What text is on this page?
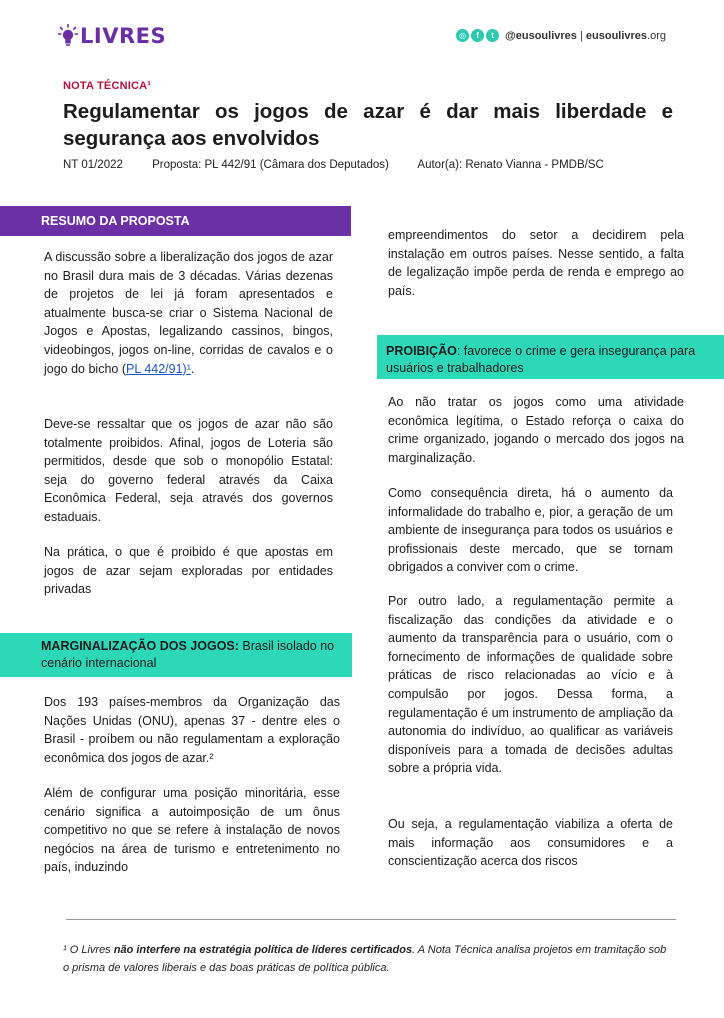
LIVRES	◎	f	t	@eusoulivres | eusoulivres.org
NOTA TÉCNICA¹
Regulamentar os jogos de azar é dar mais liberdade e segurança aos envolvidos
NT 01/2022	Proposta: PL 442/91 (Câmara dos Deputados) Autor(a): Renato Vianna - PMDB/SC
RESUMO DA PROPOSTA

A discussão sobre a liberalização dos jogos de azar no Brasil dura mais de 3 décadas. Várias dezenas de projetos de lei já foram apresentados e atualmente busca-se criar o Sistema Nacional de Jogos e Apostas, legalizando cassinos, bingos, videobingos, jogos on-line, corridas de cavalos e o jogo do bicho (PL 442/91)¹.

Deve-se ressaltar que os jogos de azar não são totalmente proibidos. Afinal, jogos de Loteria são permitidos, desde que sob o monopólio Estatal: seja do governo federal através da Caixa Econômica Federal, seja através dos governos estaduais.

Na prática, o que é proibido é que apostas em jogos de azar sejam exploradas por entidades privadas

MARGINALIZAÇÃO DOS JOGOS: Brasil isolado no cenário internacional

Dos 193 países-membros da Organização das Nações Unidas (ONU), apenas 37 - dentre eles o Brasil - proíbem ou não regulamentam a exploração econômica dos jogos de azar.²

Além de configurar uma posição minoritária, esse cenário significa a autoimposição de um ônus competitivo no que se refere à instalação de novos negócios na área de turismo e entretenimento no país, induzindo

empreendimentos do setor a decidirem pela instalação em outros países. Nesse sentido, a falta de legalização impõe perda de renda e emprego ao país.

PROIBIÇÃO: favorece o crime e gera insegurança para usuários e trabalhadores

Ao não tratar os jogos como uma atividade econômica legítima, o Estado reforça o caixa do crime organizado, jogando o mercado dos jogos na marginalização.

Como consequência direta, há o aumento da informalidade do trabalho e, pior, a geração de um ambiente de insegurança para todos os usuários e profissionais deste mercado, que se tornam obrigados a conviver com o crime.

Por outro lado, a regulamentação permite a fiscalização das condições da atividade e o aumento da transparência para o usuário, com o fornecimento de informações de qualidade sobre práticas de risco relacionadas ao vício e à compulsão por jogos. Dessa forma, a regulamentação é um instrumento de ampliação da autonomia do indivíduo, ao qualificar as variáveis disponíveis para a tomada de decisões adultas sobre a própria vida.

Ou seja, a regulamentação viabiliza a oferta de mais informação aos consumidores e a conscientização acerca dos riscos

¹ O Livres não interfere na estratégia política de líderes certificados. A Nota Técnica analisa projetos em tramitação sob o prisma de valores liberais e das boas práticas de política pública.
